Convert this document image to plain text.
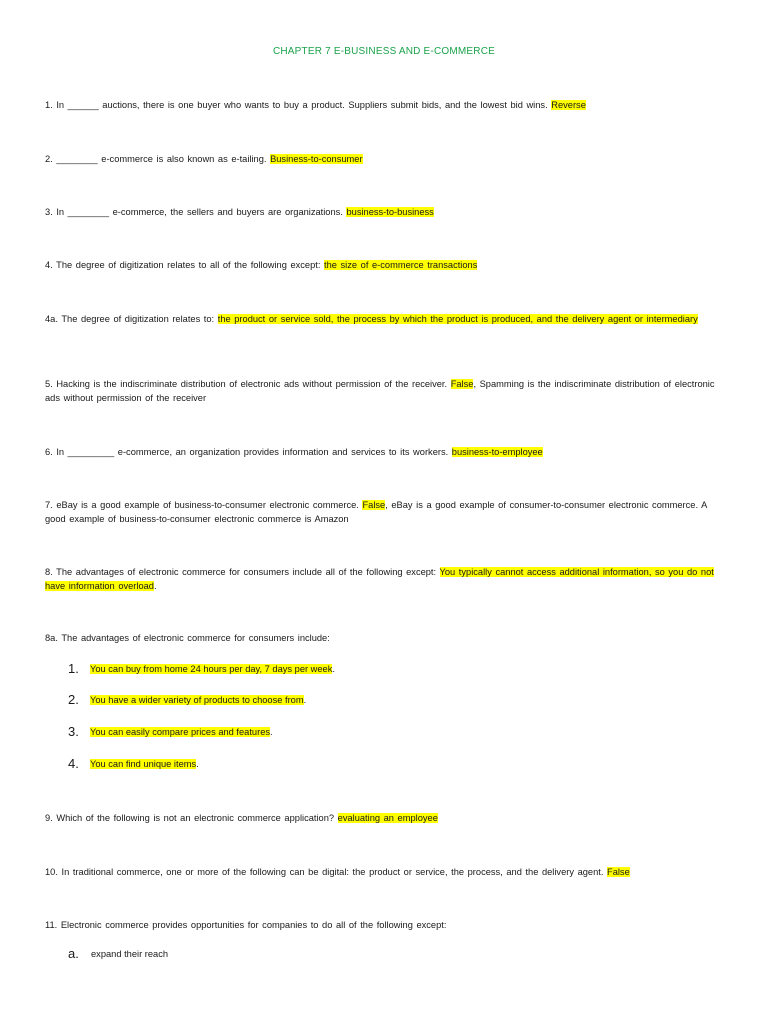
CHAPTER 7 E-BUSINESS AND E-COMMERCE
1. In ______ auctions, there is one buyer who wants to buy a product. Suppliers submit bids, and the lowest bid wins. Reverse
2. ________ e-commerce is also known as e-tailing. Business-to-consumer
3. In ________ e-commerce, the sellers and buyers are organizations. business-to-business
4. The degree of digitization relates to all of the following except: the size of e-commerce transactions
4a. The degree of digitization relates to: the product or service sold, the process by which the product is produced, and the delivery agent or intermediary
5. Hacking is the indiscriminate distribution of electronic ads without permission of the receiver. False, Spamming is the indiscriminate distribution of electronic ads without permission of the receiver
6. In _________ e-commerce, an organization provides information and services to its workers. business-to-employee
7. eBay is a good example of business-to-consumer electronic commerce. False, eBay is a good example of consumer-to-consumer electronic commerce. A good example of business-to-consumer electronic commerce is Amazon
8. The advantages of electronic commerce for consumers include all of the following except: You typically cannot access additional information, so you do not have information overload.
8a. The advantages of electronic commerce for consumers include:
1. You can buy from home 24 hours per day, 7 days per week.
2. You have a wider variety of products to choose from.
3. You can easily compare prices and features.
4. You can find unique items.
9. Which of the following is not an electronic commerce application? evaluating an employee
10. In traditional commerce, one or more of the following can be digital: the product or service, the process, and the delivery agent. False
11. Electronic commerce provides opportunities for companies to do all of the following except:
a. expand their reach
